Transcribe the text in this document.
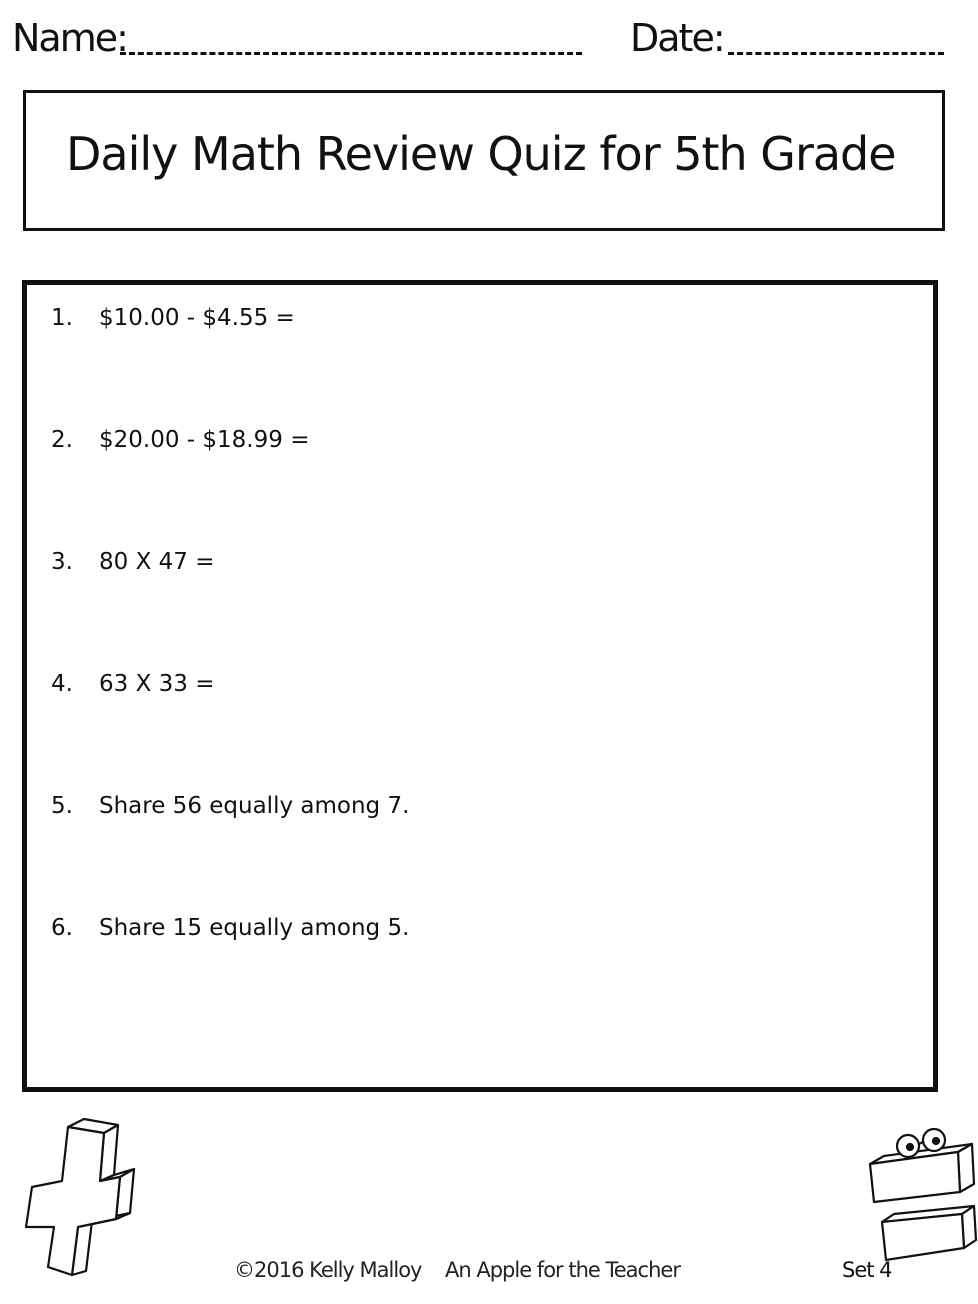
Name:	Date:
Daily Math Review Quiz for 5th Grade
1. $10.00 - $4.55 =
2. $20.00 - $18.99 =
3. 80 X 47 =
4. 63 X 33 =
5. Share 56 equally among 7.
6. Share 15 equally among 5.
©2016 Kelly Malloy An Apple for the Teacher	Set 4
